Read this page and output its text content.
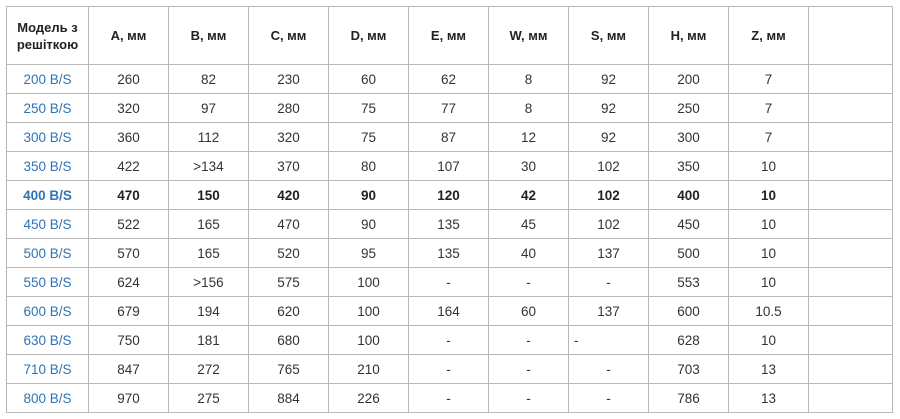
Модель з решіткою	A, мм	B, мм	C, мм	D, мм	E, мм	W, мм	S, мм	H, мм	Z, мм	
200 B/S	260	82	230	60	62	8	92	200	7	
250 B/S	320	97	280	75	77	8	92	250	7	
300 B/S	360	112	320	75	87	12	92	300	7	
350 B/S	422	>134	370	80	107	30	102	350	10	
400 B/S	470	150	420	90	120	42	102	400	10	
450 B/S	522	165	470	90	135	45	102	450	10	
500 B/S	570	165	520	95	135	40	137	500	10	
550 B/S	624	>156	575	100	-	-	-	553	10	
600 B/S	679	194	620	100	164	60	137	600	10.5	
630 B/S	750	181	680	100	-	-	-	628	10	
710 B/S	847	272	765	210	-	-	-	703	13	
800 B/S	970	275	884	226	-	-	-	786	13	
